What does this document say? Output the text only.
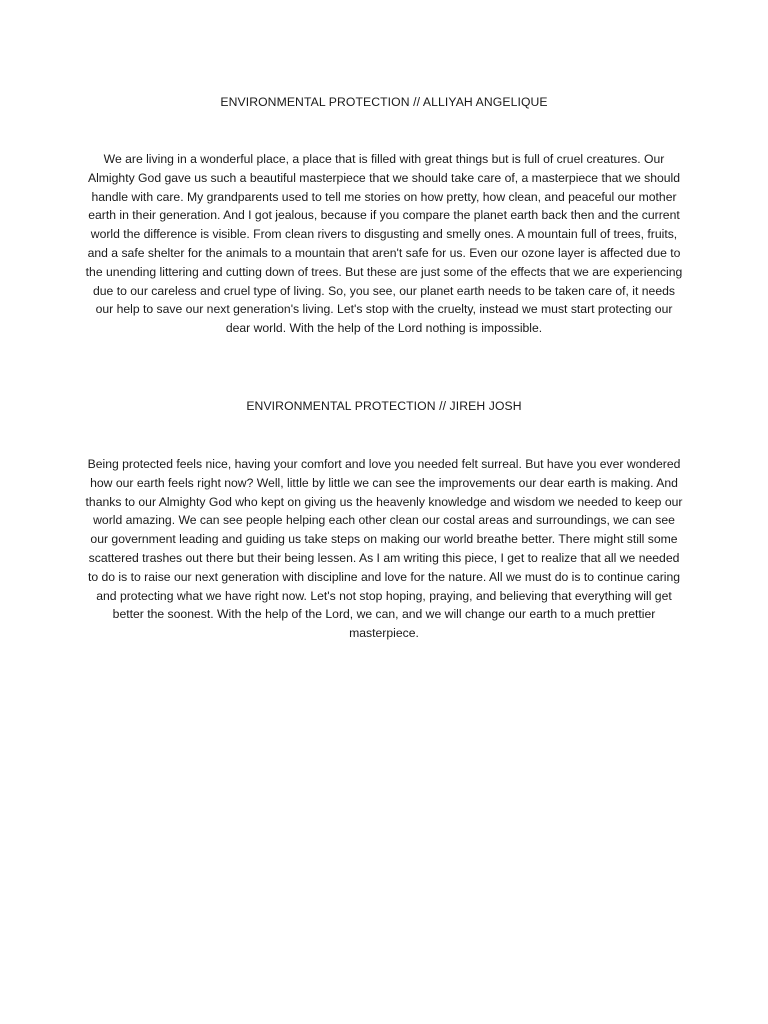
ENVIRONMENTAL PROTECTION // ALLIYAH ANGELIQUE

We are living in a wonderful place, a place that is filled with great things but is full of cruel creatures. Our Almighty God gave us such a beautiful masterpiece that we should take care of, a masterpiece that we should handle with care. My grandparents used to tell me stories on how pretty, how clean, and peaceful our mother earth in their generation. And I got jealous, because if you compare the planet earth back then and the current world the difference is visible. From clean rivers to disgusting and smelly ones. A mountain full of trees, fruits, and a safe shelter for the animals to a mountain that aren't safe for us. Even our ozone layer is affected due to the unending littering and cutting down of trees. But these are just some of the effects that we are experiencing due to our careless and cruel type of living. So, you see, our planet earth needs to be taken care of, it needs our help to save our next generation's living. Let's stop with the cruelty, instead we must start protecting our dear world. With the help of the Lord nothing is impossible.

ENVIRONMENTAL PROTECTION // JIREH JOSH

Being protected feels nice, having your comfort and love you needed felt surreal. But have you ever wondered how our earth feels right now? Well, little by little we can see the improvements our dear earth is making. And thanks to our Almighty God who kept on giving us the heavenly knowledge and wisdom we needed to keep our world amazing. We can see people helping each other clean our costal areas and surroundings, we can see our government leading and guiding us take steps on making our world breathe better. There might still some scattered trashes out there but their being lessen. As I am writing this piece, I get to realize that all we needed to do is to raise our next generation with discipline and love for the nature. All we must do is to continue caring and protecting what we have right now. Let's not stop hoping, praying, and believing that everything will get better the soonest. With the help of the Lord, we can, and we will change our earth to a much prettier masterpiece.
